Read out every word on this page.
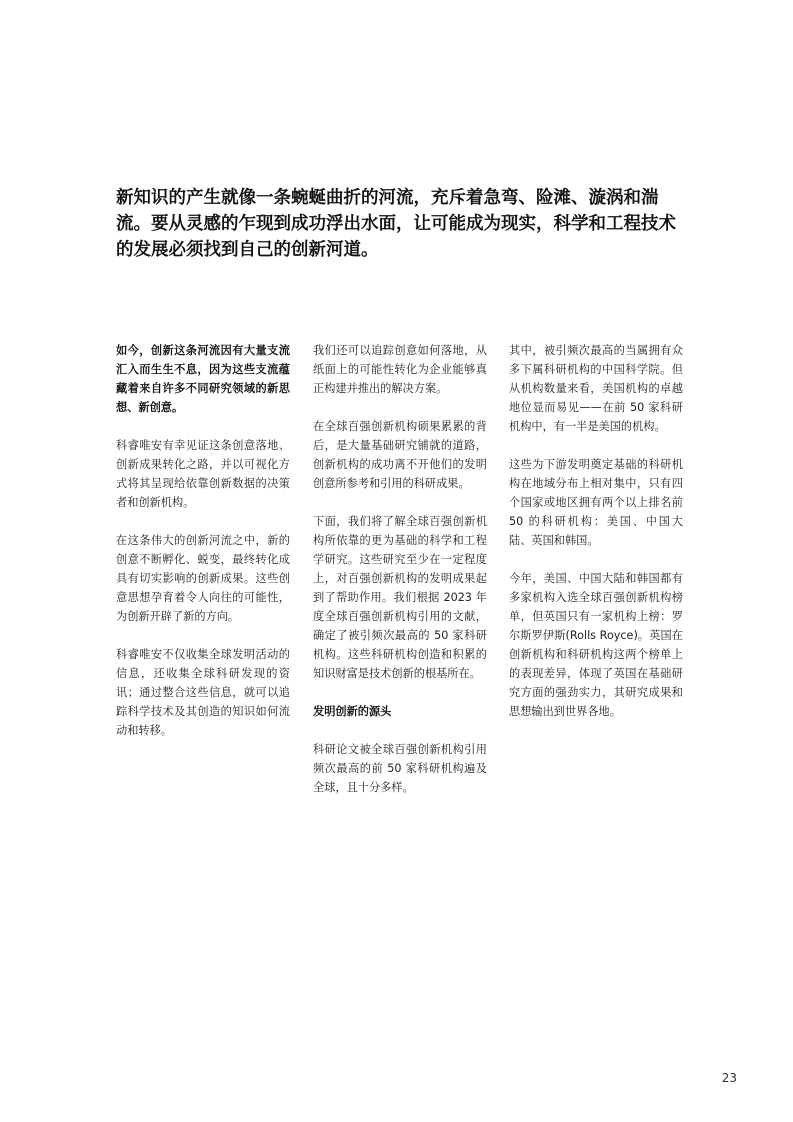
新知识的产生就像一条蜿蜒曲折的河流，充斥着急弯、险滩、漩涡和湍流。要从灵感的乍现到成功浮出水面，让可能成为现实，科学和工程技术的发展必须找到自己的创新河道。

如今，创新这条河流因有大量支流汇入而生生不息，因为这些支流蕴藏着来自许多不同研究领域的新思想、新创意。

科睿唯安有幸见证这条创意落地、创新成果转化之路，并以可视化方式将其呈现给依靠创新数据的决策者和创新机构。

在这条伟大的创新河流之中，新的创意不断孵化、蜕变，最终转化成具有切实影响的创新成果。这些创意思想孕育着令人向往的可能性，为创新开辟了新的方向。

科睿唯安不仅收集全球发明活动的信息，还收集全球科研发现的资讯；通过整合这些信息，就可以追踪科学技术及其创造的知识如何流动和转移。

我们还可以追踪创意如何落地，从纸面上的可能性转化为企业能够真正构建并推出的解决方案。

在全球百强创新机构硕果累累的背后，是大量基础研究铺就的道路，创新机构的成功离不开他们的发明创意所参考和引用的科研成果。

下面，我们将了解全球百强创新机构所依靠的更为基础的科学和工程学研究。这些研究至少在一定程度上，对百强创新机构的发明成果起到了帮助作用。我们根据 2023 年度全球百强创新机构引用的文献，确定了被引频次最高的 50 家科研机构。这些科研机构创造和积累的知识财富是技术创新的根基所在。

发明创新的源头

科研论文被全球百强创新机构引用频次最高的前 50 家科研机构遍及全球，且十分多样。

其中，被引频次最高的当属拥有众多下属科研机构的中国科学院。但从机构数量来看，美国机构的卓越地位显而易见——在前 50 家科研机构中，有一半是美国的机构。

这些为下游发明奠定基础的科研机构在地域分布上相对集中，只有四个国家或地区拥有两个以上排名前 50 的科研机构：美国、中国大陆、英国和韩国。

今年，美国、中国大陆和韩国都有多家机构入选全球百强创新机构榜单，但英国只有一家机构上榜：罗尔斯罗伊斯(Rolls Royce)。英国在创新机构和科研机构这两个榜单上的表现差异，体现了英国在基础研究方面的强劲实力，其研究成果和思想输出到世界各地。

23
